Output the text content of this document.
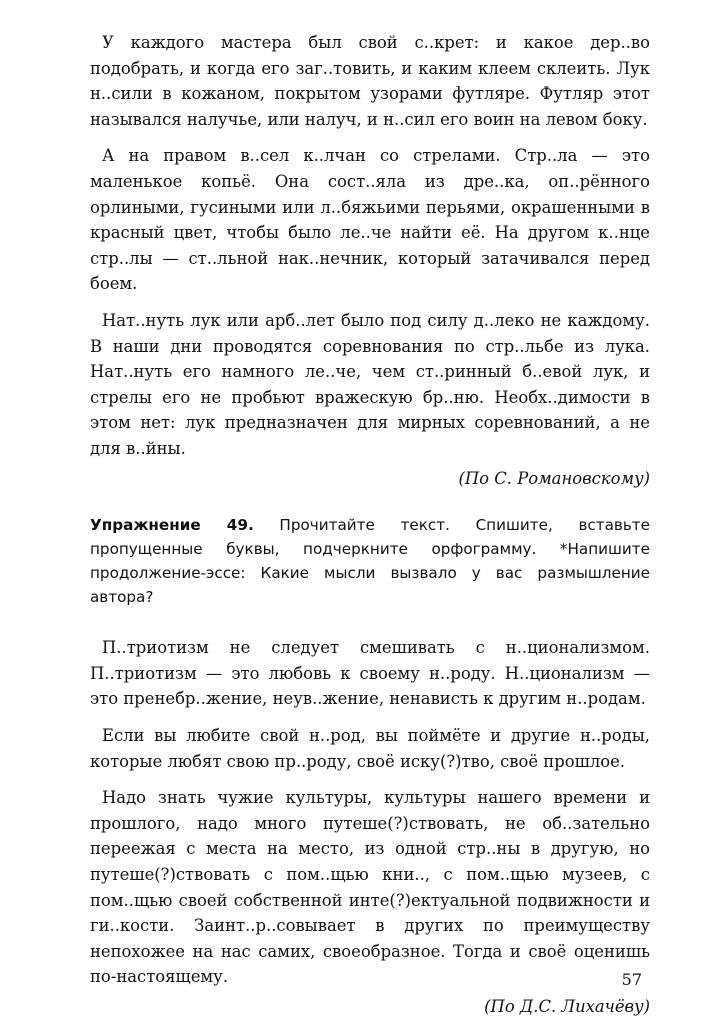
У каждого мастера был свой с..крет: и какое дер..во подобрать, и когда его заг..товить, и каким клеем склеить. Лук н..сили в кожаном, покрытом узорами футляре. Футляр этот назывался налучье, или налуч, и н..сил его воин на левом боку.

А на правом в..сел к..лчан со стрелами. Стр..ла — это маленькое копьё. Она сост..яла из дре..ка, оп..рённого орлиными, гусиными или л..бяжьими перьями, окрашенными в красный цвет, чтобы было ле..че найти её. На другом к..нце стр..лы — ст..льной нак..нечник, который затачивался перед боем.

Нат..нуть лук или арб..лет было под силу д..леко не каждому. В наши дни проводятся соревнования по стр..льбе из лука. Нат..нуть его намного ле..че, чем ст..ринный б..евой лук, и стрелы его не пробьют вражескую бр..ню. Необх..димости в этом нет: лук предназначен для мирных соревнований, а не для в..йны.

(По С. Романовскому)

Упражнение 49. Прочитайте текст. Спишите, вставьте пропущенные буквы, подчеркните орфограмму. *Напишите продолжение-эссе: Какие мысли вызвало у вас размышление автора?

П..триотизм не следует смешивать с н..ционализмом. П..триотизм — это любовь к своему н..роду. Н..ционализм — это пренебр..жение, неув..жение, ненависть к другим н..родам.

Если вы любите свой н..род, вы поймёте и другие н..роды, которые любят свою пр..роду, своё иску(?)тво, своё прошлое.

Надо знать чужие культуры, культуры нашего времени и прошлого, надо много путеше(?)ствовать, не об..зательно переежая с места на место, из одной стр..ны в другую, но путеше(?)ствовать с пом..щью кни.., с пом..щью музеев, с пом..щью своей собственной инте(?)ектуальной подвижности и ги..кости. Заинт..р..совывает в других по преимуществу непохожее на нас самих, своеобразное. Тогда и своё оценишь по-настоящему.

(По Д.С. Лихачёву)

57
